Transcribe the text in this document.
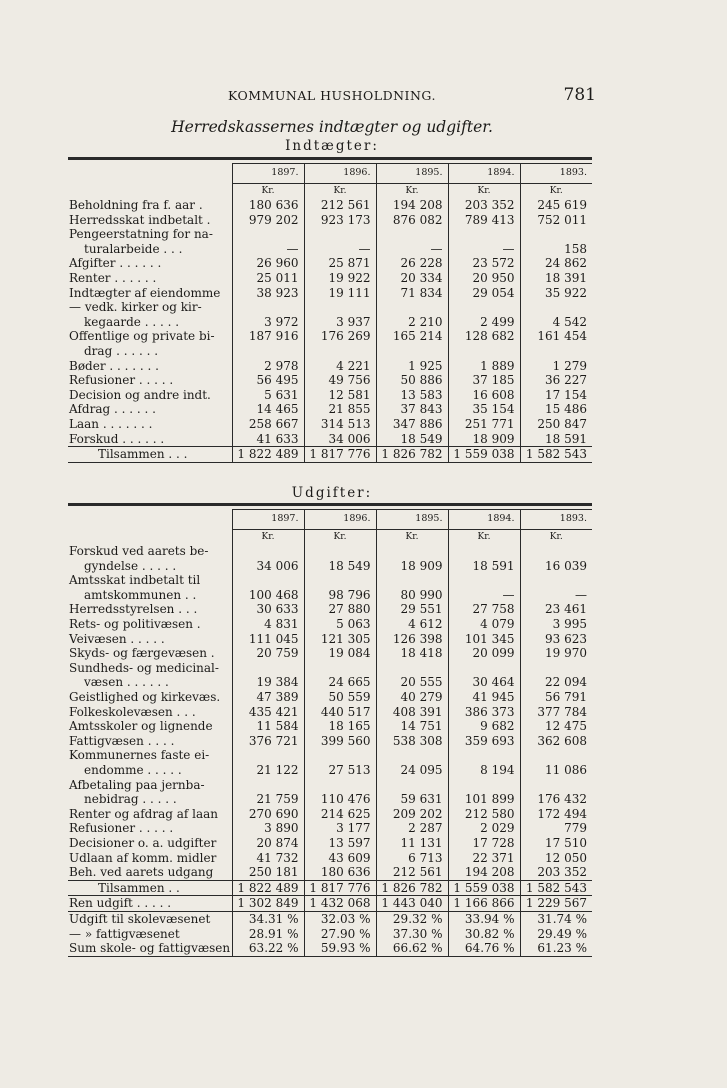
KOMMUNAL HUSHOLDNING.	781
Herredskassernes indtægter og udgifter.
Indtægter:
	1897.	1896.	1895.	1894.	1893.
	Kr.	Kr.	Kr.	Kr.	Kr.
Beholdning fra f. aar .	180 636	212 561	194 208	203 352	245 619
Herredsskat indbetalt .	979 202	923 173	876 082	789 413	752 011
Pengeerstatning for na-					
turalarbeide . . .	—	—	—	—	158
Afgifter . . . . . .	26 960	25 871	26 228	23 572	24 862
Renter . . . . . .	25 011	19 922	20 334	20 950	18 391
Indtægter af eiendomme	38 923	19 111	71 834	29 054	35 922
— vedk. kirker og kir-					
kegaarde . . . . .	3 972	3 937	2 210	2 499	4 542
Offentlige og private bi-	187 916	176 269	165 214	128 682	161 454
drag . . . . . .					
Bøder . . . . . . .	2 978	4 221	1 925	1 889	1 279
Refusioner . . . . .	56 495	49 756	50 886	37 185	36 227
Decision og andre indt.	5 631	12 581	13 583	16 608	17 154
Afdrag . . . . . .	14 465	21 855	37 843	35 154	15 486
Laan . . . . . . .	258 667	314 513	347 886	251 771	250 847
Forskud . . . . . .	41 633	34 006	18 549	18 909	18 591
Tilsammen . . .	1 822 489	1 817 776	1 826 782	1 559 038	1 582 543
Udgifter:
	1897.	1896.	1895.	1894.	1893.
	Kr.	Kr.	Kr.	Kr.	Kr.
Forskud ved aarets be-					
gyndelse . . . . .	34 006	18 549	18 909	18 591	16 039
Amtsskat indbetalt til					
amtskommunen . .	100 468	98 796	80 990	—	—
Herredsstyrelsen . . .	30 633	27 880	29 551	27 758	23 461
Rets- og politivæsen .	4 831	5 063	4 612	4 079	3 995
Veivæsen . . . . .	111 045	121 305	126 398	101 345	93 623
Skyds- og færgevæsen .	20 759	19 084	18 418	20 099	19 970
Sundheds- og medicinal-					
væsen . . . . . .	19 384	24 665	20 555	30 464	22 094
Geistlighed og kirkevæs.	47 389	50 559	40 279	41 945	56 791
Folkeskolevæsen . . .	435 421	440 517	408 391	386 373	377 784
Amtsskoler og lignende	11 584	18 165	14 751	9 682	12 475
Fattigvæsen . . . .	376 721	399 560	538 308	359 693	362 608
Kommunernes faste ei-					
endomme . . . . .	21 122	27 513	24 095	8 194	11 086
Afbetaling paa jernba-					
nebidrag . . . . .	21 759	110 476	59 631	101 899	176 432
Renter og afdrag af laan	270 690	214 625	209 202	212 580	172 494
Refusioner . . . . .	3 890	3 177	2 287	2 029	779
Decisioner o. a. udgifter	20 874	13 597	11 131	17 728	17 510
Udlaan af komm. midler	41 732	43 609	6 713	22 371	12 050
Beh. ved aarets udgang	250 181	180 636	212 561	194 208	203 352
Tilsammen . .	1 822 489	1 817 776	1 826 782	1 559 038	1 582 543
Ren udgift . . . . .	1 302 849	1 432 068	1 443 040	1 166 866	1 229 567
Udgift til skolevæsenet	34.31 %	32.03 %	29.32 %	33.94 %	31.74 %
— » fattigvæsenet	28.91 %	27.90 %	37.30 %	30.82 %	29.49 %
Sum skole- og fattigvæsen	63.22 %	59.93 %	66.62 %	64.76 %	61.23 %
